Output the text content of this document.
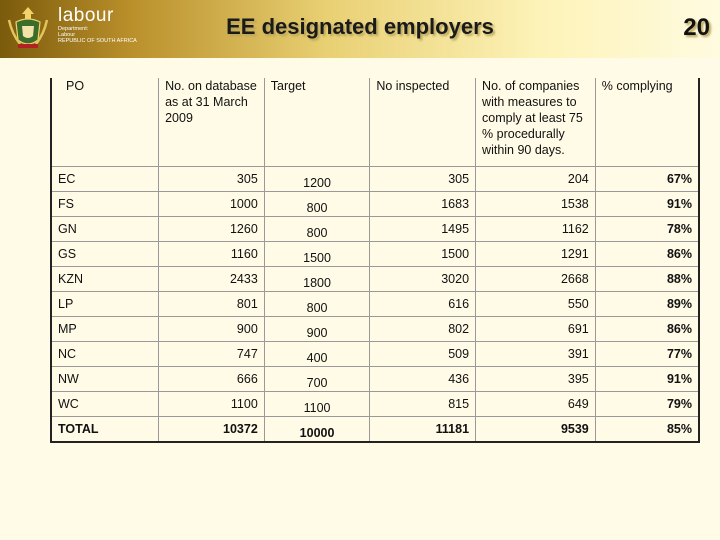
labour
Department:
Labour
REPUBLIC OF SOUTH AFRICA
EE designated employers	20
PO	No. on database as at 31 March 2009	Target	No inspected	No. of companies with measures to comply at least 75 % procedurally within 90 days.	% complying
EC	305	1200	305	204	67%
FS	1000	800	1683	1538	91%
GN	1260	800	1495	1162	78%
GS	1160	1500	1500	1291	86%
KZN	2433	1800	3020	2668	88%
LP	801	800	616	550	89%
MP	900	900	802	691	86%
NC	747	400	509	391	77%
NW	666	700	436	395	91%
WC	1100	1100	815	649	79%
TOTAL	10372	10000	11181	9539	85%
